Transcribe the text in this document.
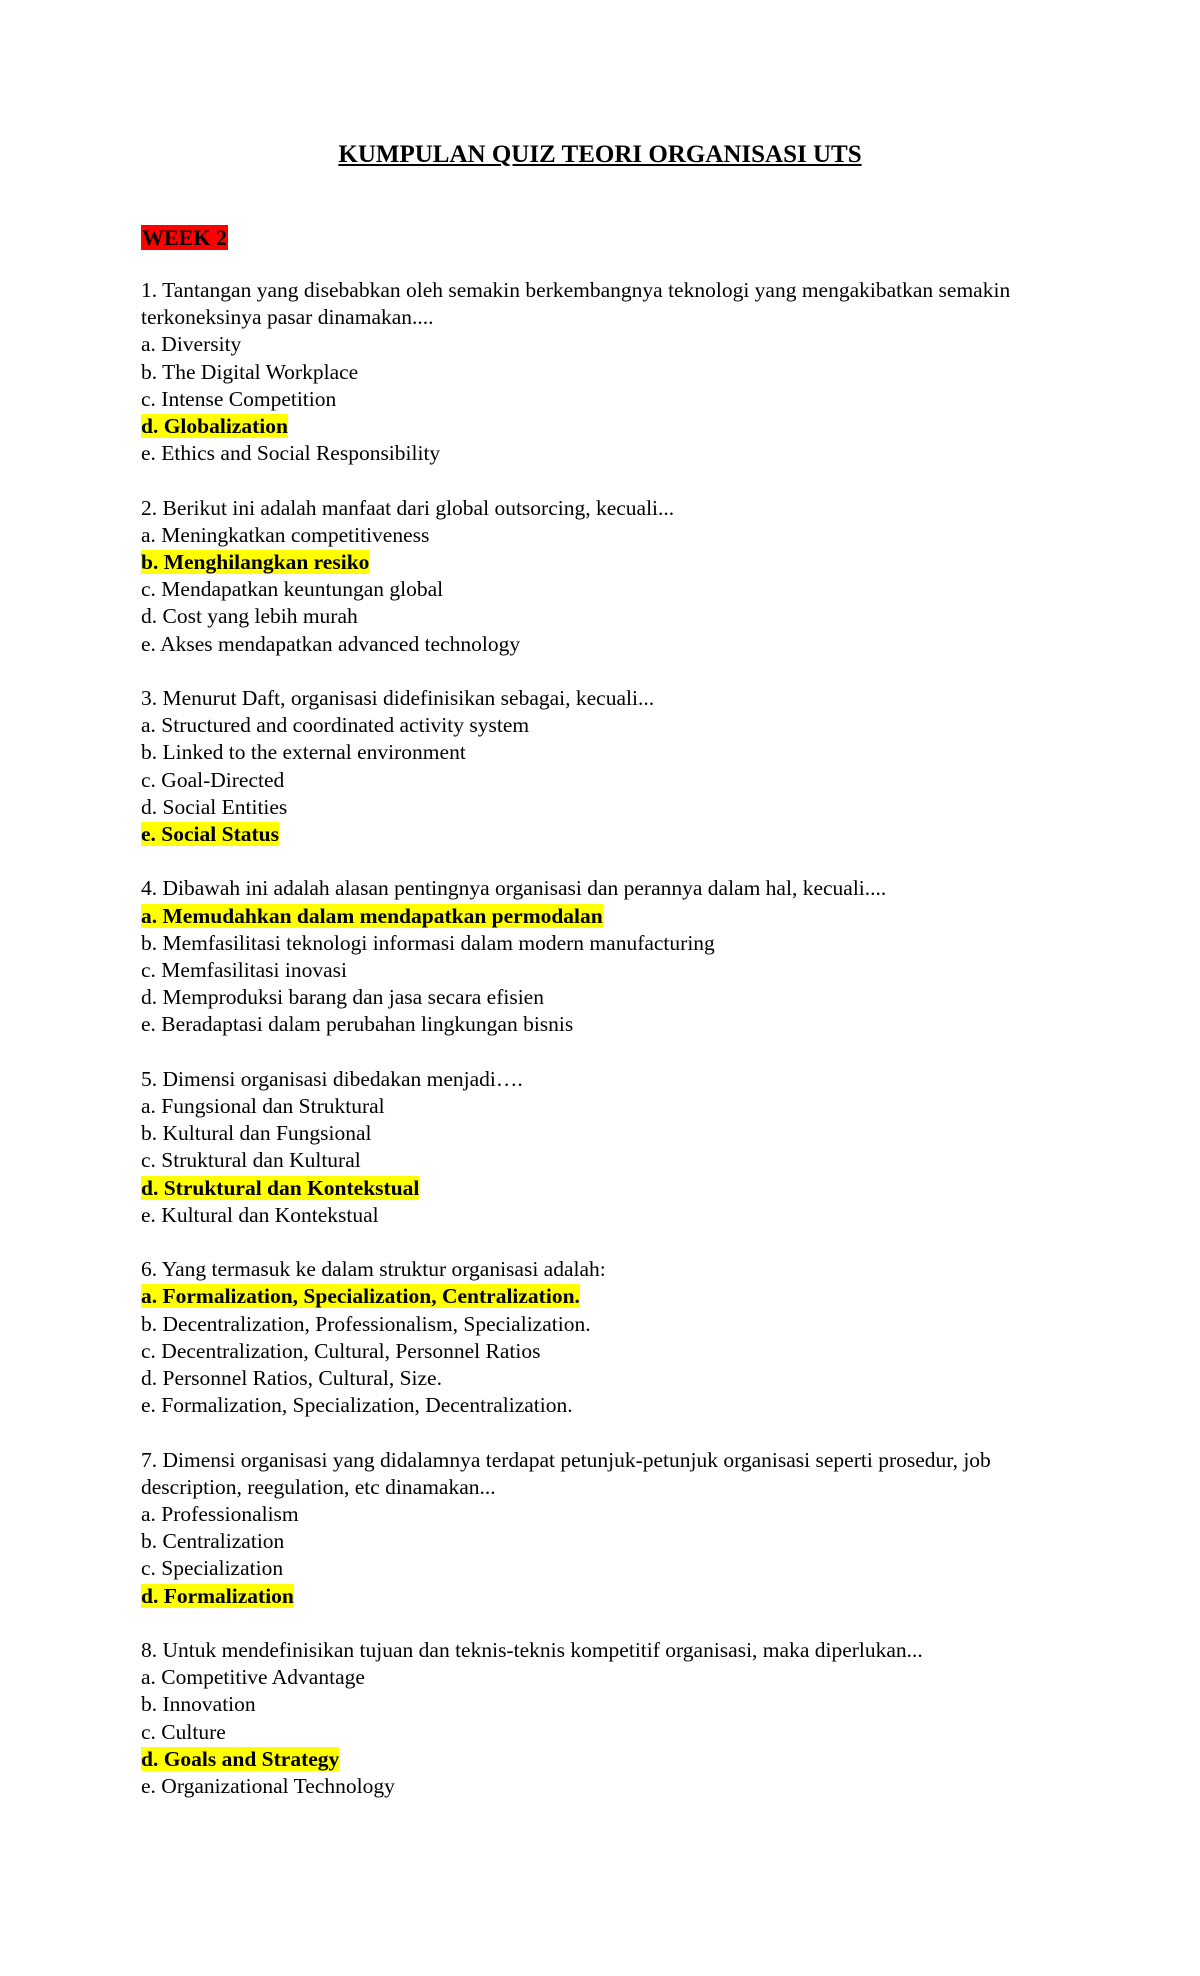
KUMPULAN QUIZ TEORI ORGANISASI UTS

WEEK 2

1. Tantangan yang disebabkan oleh semakin berkembangnya teknologi yang mengakibatkan semakin terkoneksinya pasar dinamakan....
a. Diversity
b. The Digital Workplace
c. Intense Competition
d. Globalization
e. Ethics and Social Responsibility
2. Berikut ini adalah manfaat dari global outsorcing, kecuali...
a. Meningkatkan competitiveness
b. Menghilangkan resiko
c. Mendapatkan keuntungan global
d. Cost yang lebih murah
e. Akses mendapatkan advanced technology
3. Menurut Daft, organisasi didefinisikan sebagai, kecuali...
a. Structured and coordinated activity system
b. Linked to the external environment
c. Goal-Directed
d. Social Entities
e. Social Status
4. Dibawah ini adalah alasan pentingnya organisasi dan perannya dalam hal, kecuali....
a. Memudahkan dalam mendapatkan permodalan
b. Memfasilitasi teknologi informasi dalam modern manufacturing
c. Memfasilitasi inovasi
d. Memproduksi barang dan jasa secara efisien
e. Beradaptasi dalam perubahan lingkungan bisnis
5. Dimensi organisasi dibedakan menjadi….
a. Fungsional dan Struktural
b. Kultural dan Fungsional
c. Struktural dan Kultural
d. Struktural dan Kontekstual
e. Kultural dan Kontekstual
6. Yang termasuk ke dalam struktur organisasi adalah:
a. Formalization, Specialization, Centralization.
b. Decentralization, Professionalism, Specialization.
c. Decentralization, Cultural, Personnel Ratios
d. Personnel Ratios, Cultural, Size.
e. Formalization, Specialization, Decentralization.
7. Dimensi organisasi yang didalamnya terdapat petunjuk-petunjuk organisasi seperti prosedur, job description, reegulation, etc dinamakan...
a. Professionalism
b. Centralization
c. Specialization
d. Formalization
8. Untuk mendefinisikan tujuan dan teknis-teknis kompetitif organisasi, maka diperlukan...
a. Competitive Advantage
b. Innovation
c. Culture
d. Goals and Strategy
e. Organizational Technology
